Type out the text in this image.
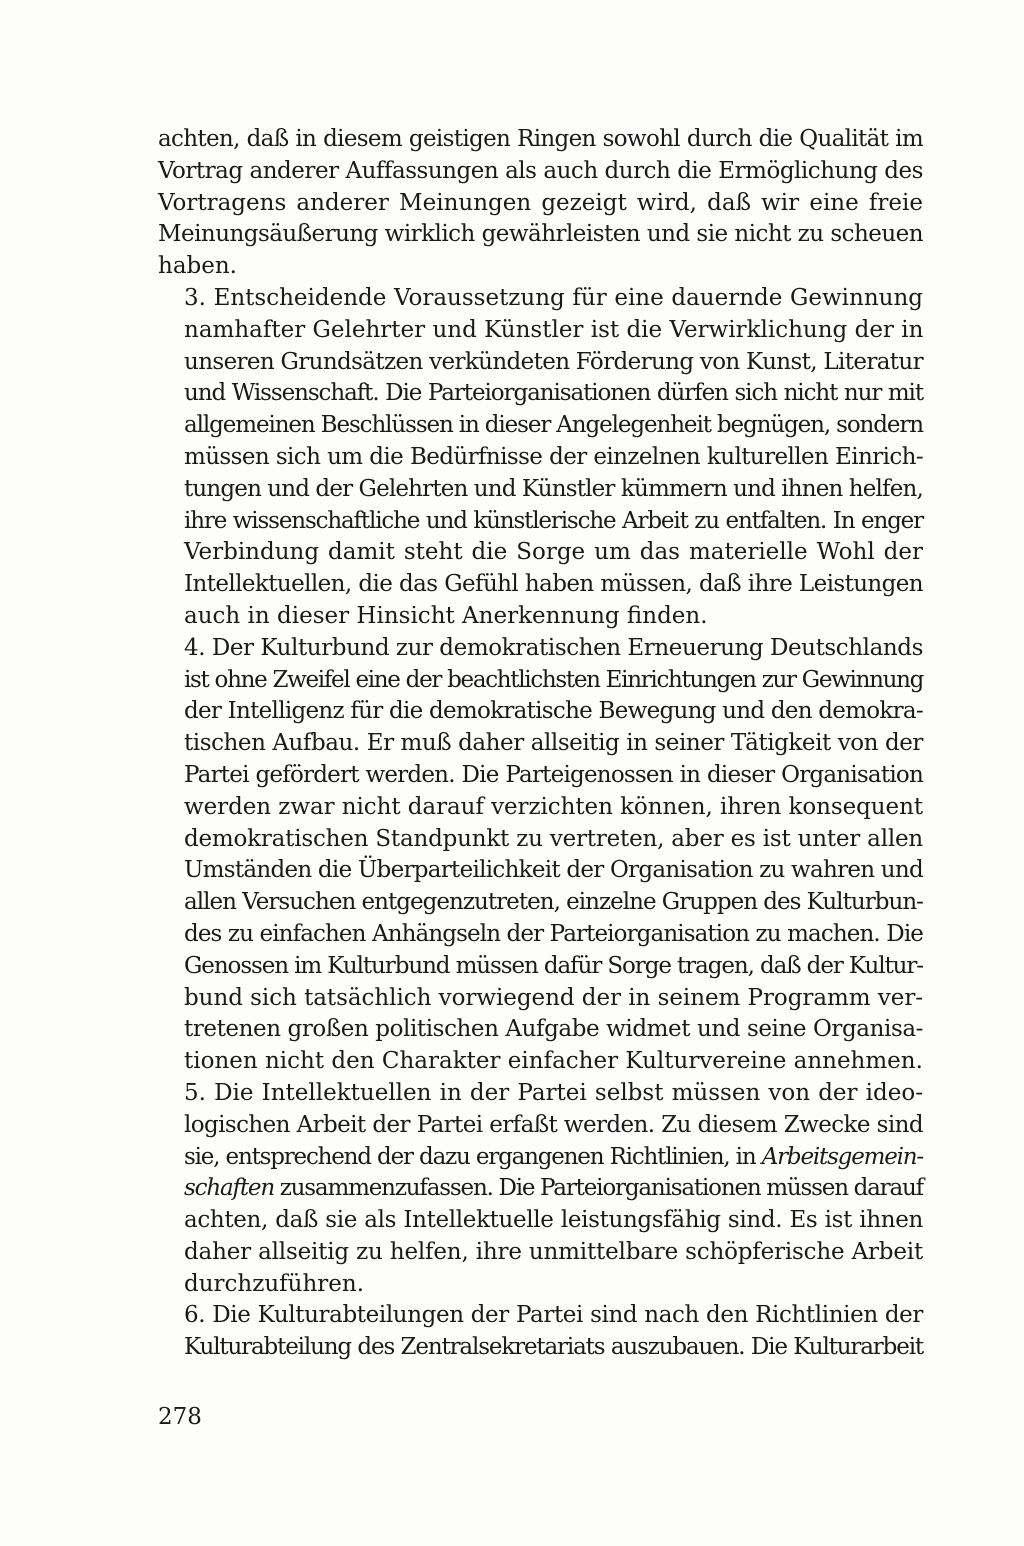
achten, daß in diesem geistigen Ringen sowohl durch die Qualität im
Vortrag anderer Auffassungen als auch durch die Ermöglichung des
Vortragens anderer Meinungen gezeigt wird, daß wir eine freie
Meinungsäußerung wirklich gewährleisten und sie nicht zu scheuen
haben.

3. Entscheidende Voraussetzung für eine dauernde Gewinnung
namhafter Gelehrter und Künstler ist die Verwirklichung der in
unseren Grundsätzen verkündeten Förderung von Kunst, Literatur
und Wissenschaft. Die Parteiorganisationen dürfen sich nicht nur mit
allgemeinen Beschlüssen in dieser Angelegenheit begnügen, sondern
müssen sich um die Bedürfnisse der einzelnen kulturellen Einrich-
tungen und der Gelehrten und Künstler kümmern und ihnen helfen,
ihre wissenschaftliche und künstlerische Arbeit zu entfalten. In enger
Verbindung damit steht die Sorge um das materielle Wohl der
Intellektuellen, die das Gefühl haben müssen, daß ihre Leistungen
auch in dieser Hinsicht Anerkennung finden.

4. Der Kulturbund zur demokratischen Erneuerung Deutschlands
ist ohne Zweifel eine der beachtlichsten Einrichtungen zur Gewinnung
der Intelligenz für die demokratische Bewegung und den demokra-
tischen Aufbau. Er muß daher allseitig in seiner Tätigkeit von der
Partei gefördert werden. Die Parteigenossen in dieser Organisation
werden zwar nicht darauf verzichten können, ihren konsequent
demokratischen Standpunkt zu vertreten, aber es ist unter allen
Umständen die Überparteilichkeit der Organisation zu wahren und
allen Versuchen entgegenzutreten, einzelne Gruppen des Kulturbun-
des zu einfachen Anhängseln der Parteiorganisation zu machen. Die
Genossen im Kulturbund müssen dafür Sorge tragen, daß der Kultur-
bund sich tatsächlich vorwiegend der in seinem Programm ver-
tretenen großen politischen Aufgabe widmet und seine Organisa-
tionen nicht den Charakter einfacher Kulturvereine annehmen.

5. Die Intellektuellen in der Partei selbst müssen von der ideo-
logischen Arbeit der Partei erfaßt werden. Zu diesem Zwecke sind
sie, entsprechend der dazu ergangenen Richtlinien, in Arbeitsgemein-
schaften zusammenzufassen. Die Parteiorganisationen müssen darauf
achten, daß sie als Intellektuelle leistungsfähig sind. Es ist ihnen
daher allseitig zu helfen, ihre unmittelbare schöpferische Arbeit
durchzuführen.

6. Die Kulturabteilungen der Partei sind nach den Richtlinien der
Kulturabteilung des Zentralsekretariats auszubauen. Die Kulturarbeit

278
